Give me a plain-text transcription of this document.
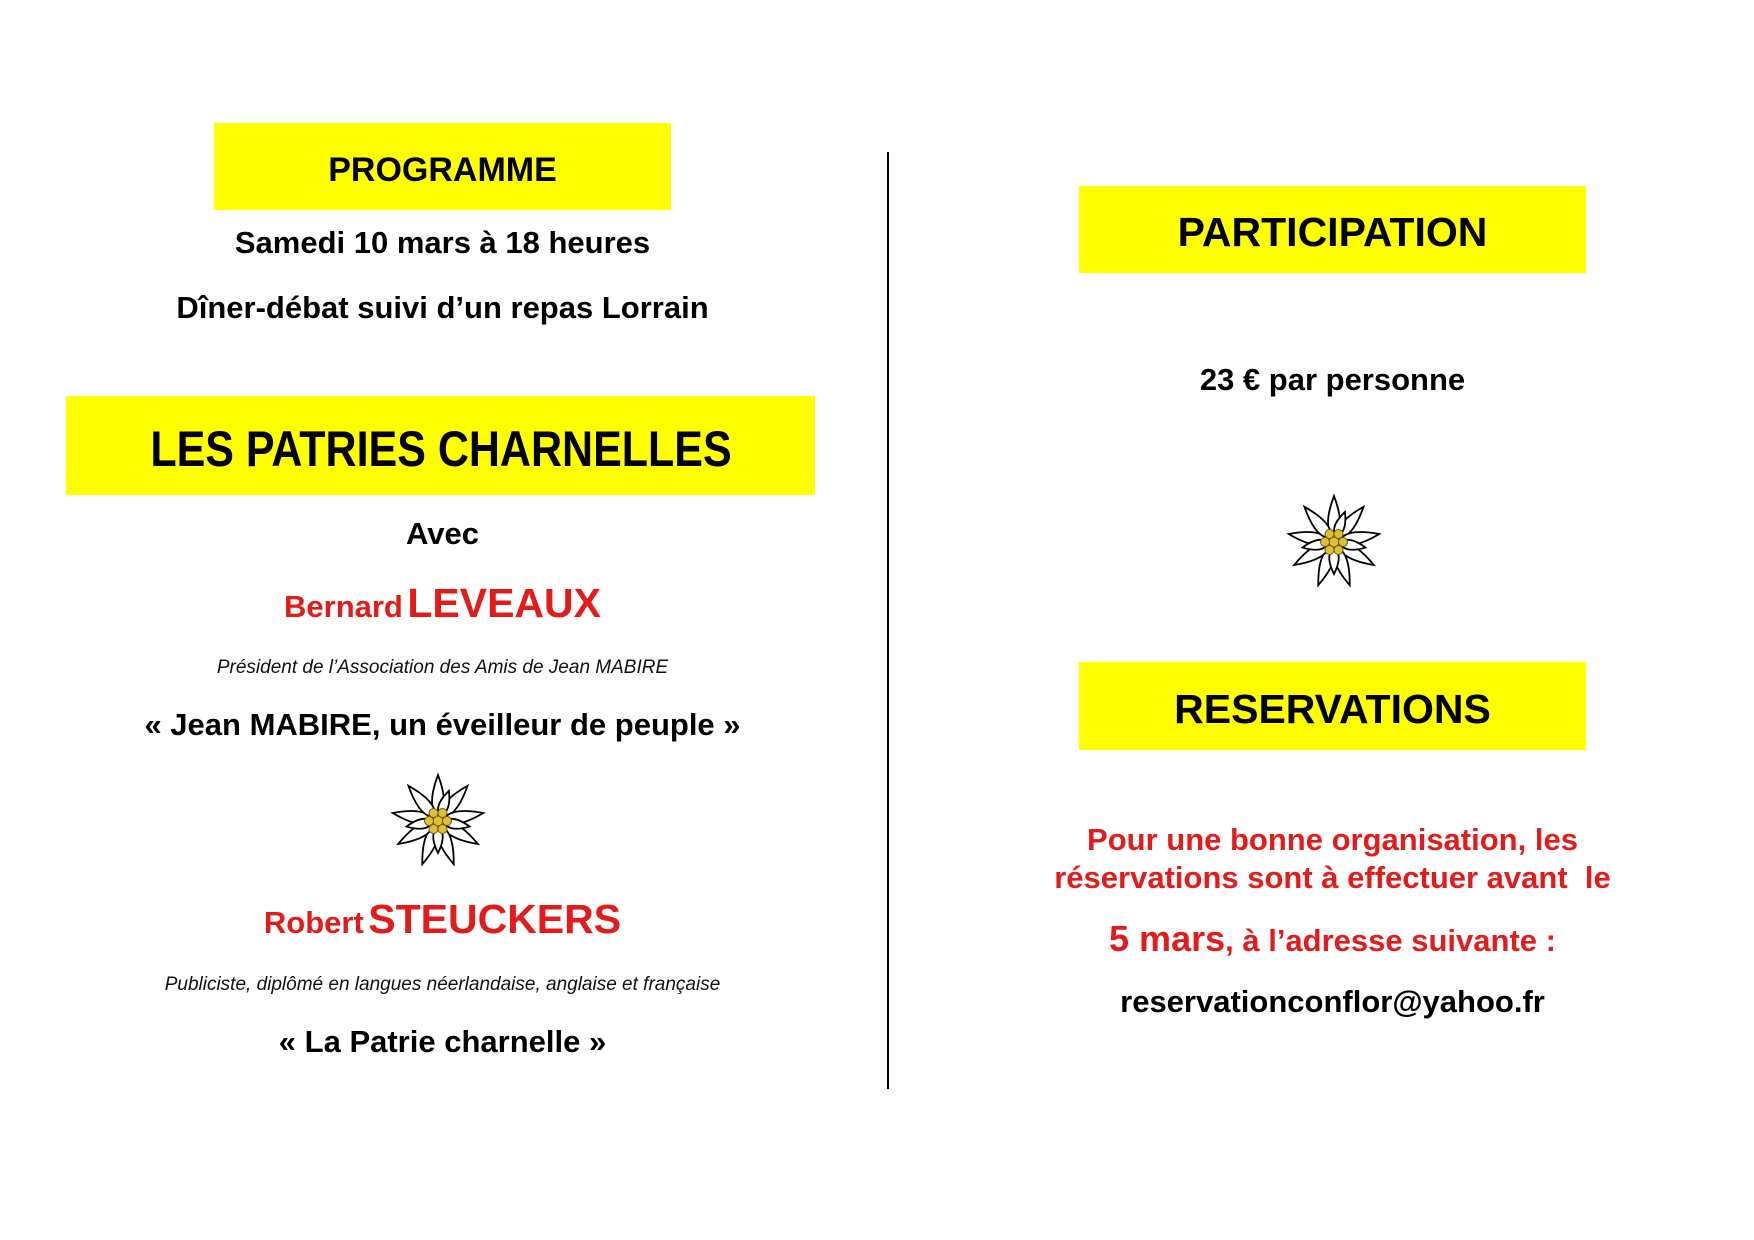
PROGRAMME
Samedi 10 mars à 18 heures
Dîner-débat suivi d’un repas Lorrain
LES PATRIES CHARNELLES
Avec
Bernard LEVEAUX
Président de l’Association des Amis de Jean MABIRE
« Jean MABIRE, un éveilleur de peuple »
Robert STEUCKERS
Publiciste, diplômé en langues néerlandaise, anglaise et française
« La Patrie charnelle »
PARTICIPATION
23 € par personne
RESERVATIONS
Pour une bonne organisation, les
réservations sont à effectuer avant  le
5 mars, à l’adresse suivante :
reservationconflor@yahoo.fr
